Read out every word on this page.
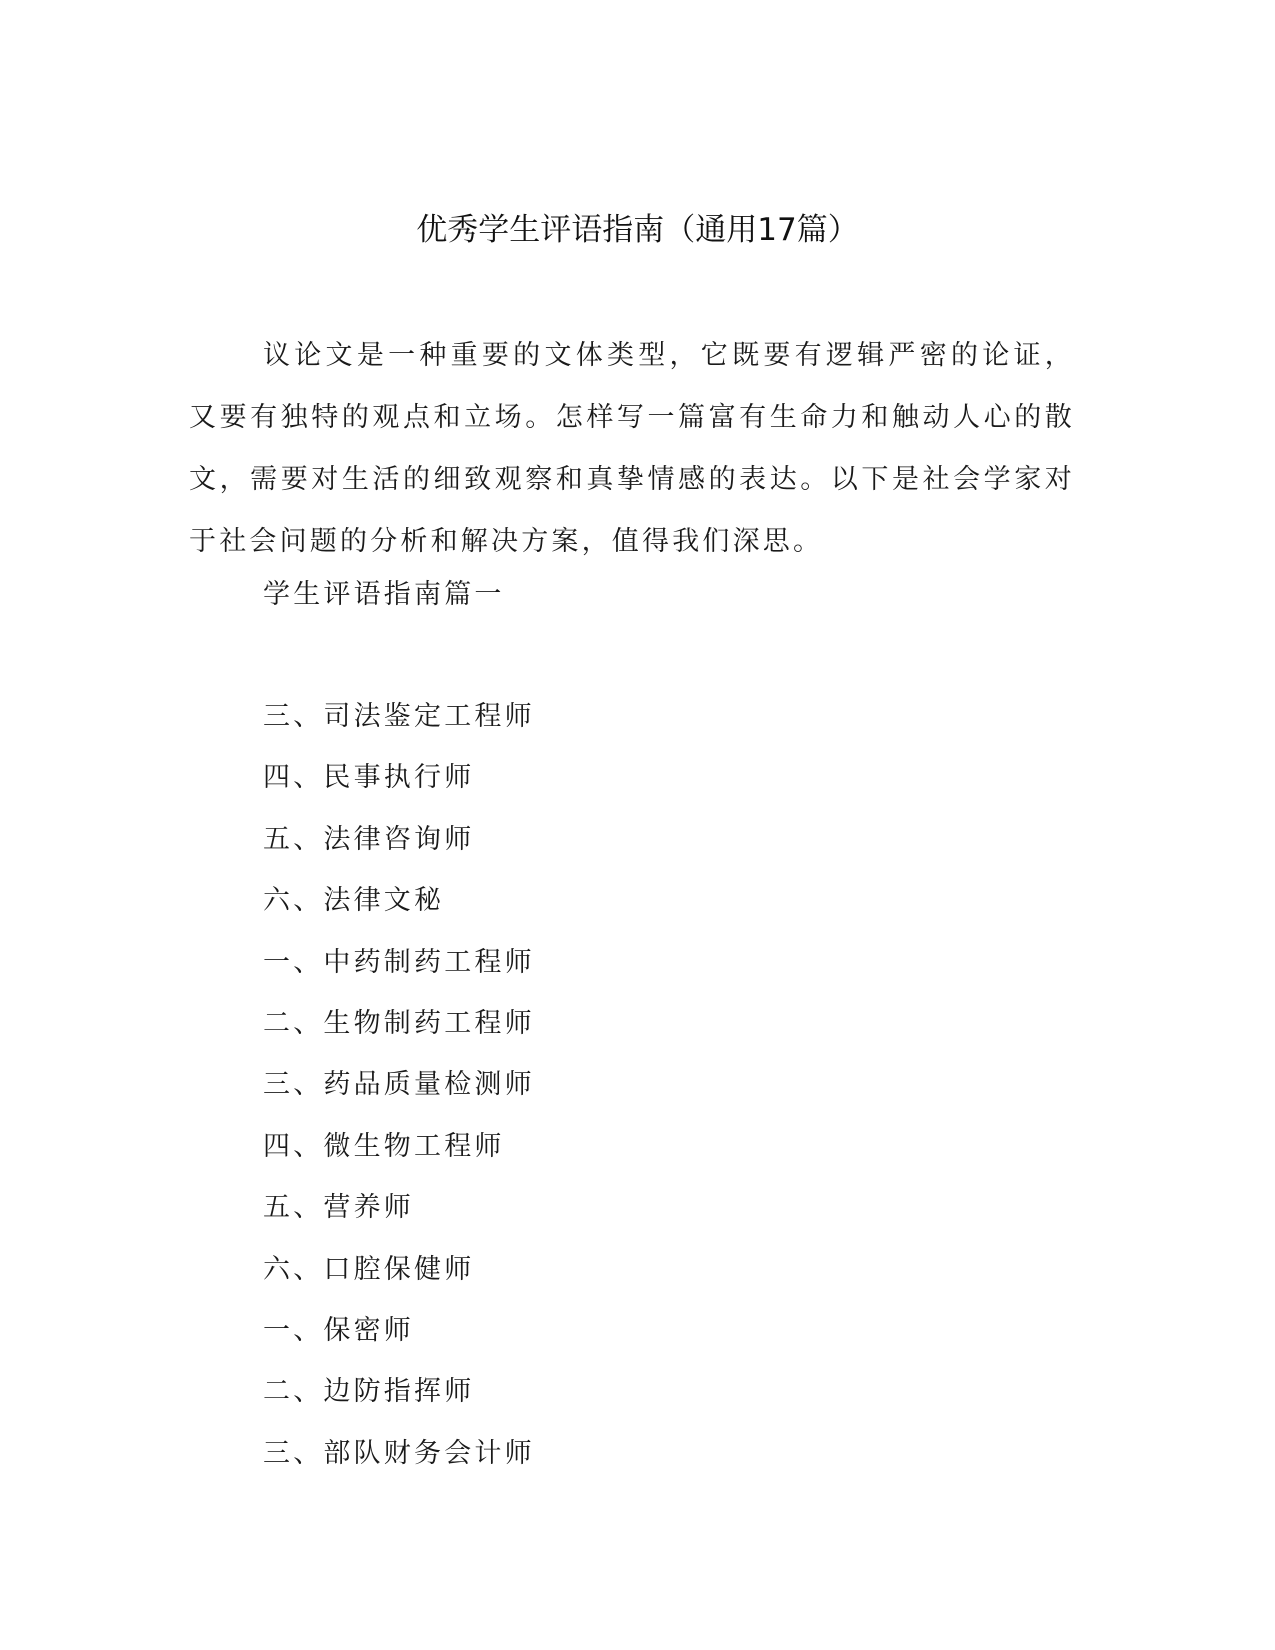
优秀学生评语指南（通用17篇）

议论文是一种重要的文体类型，它既要有逻辑严密的论证，又要有独特的观点和立场。怎样写一篇富有生命力和触动人心的散文，需要对生活的细致观察和真挚情感的表达。以下是社会学家对于社会问题的分析和解决方案，值得我们深思。

学生评语指南篇一
三、司法鉴定工程师
四、民事执行师
五、法律咨询师
六、法律文秘
一、中药制药工程师
二、生物制药工程师
三、药品质量检测师
四、微生物工程师
五、营养师
六、口腔保健师
一、保密师
二、边防指挥师
三、部队财务会计师
